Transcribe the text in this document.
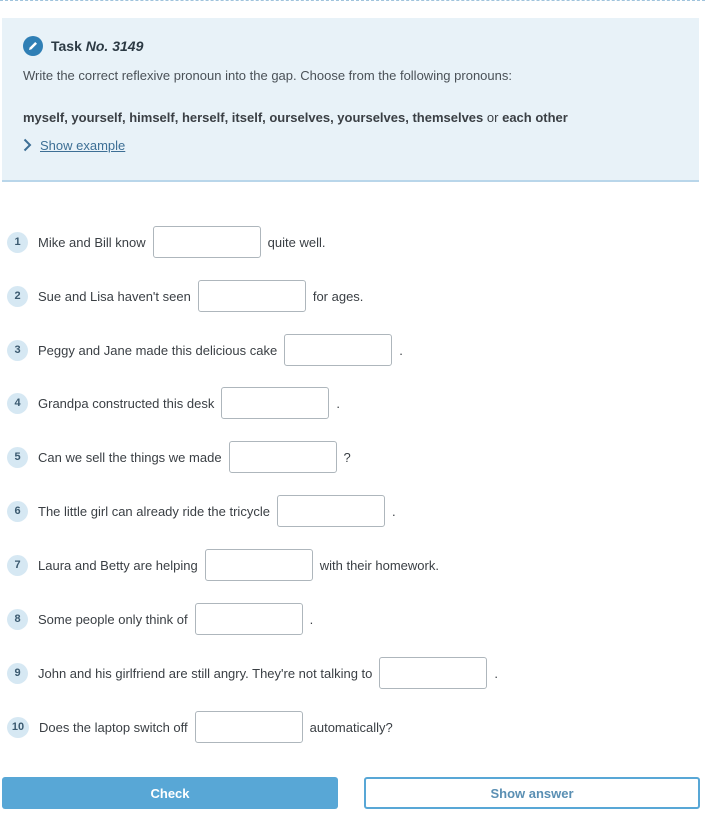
Task No. 3149
Write the correct reflexive pronoun into the gap. Choose from the following pronouns:
myself, yourself, himself, herself, itself, ourselves, yourselves, themselves or each other
Show example
1	Mike and Bill know	quite well.
2	Sue and Lisa haven't seen	for ages.
3	Peggy and Jane made this delicious cake	.
4	Grandpa constructed this desk	.
5	Can we sell the things we made	?
6	The little girl can already ride the tricycle	.
7	Laura and Betty are helping	with their homework.
8	Some people only think of	.
9	John and his girlfriend are still angry. They're not talking to	.
10	Does the laptop switch off	automatically?
Check	Show answer
